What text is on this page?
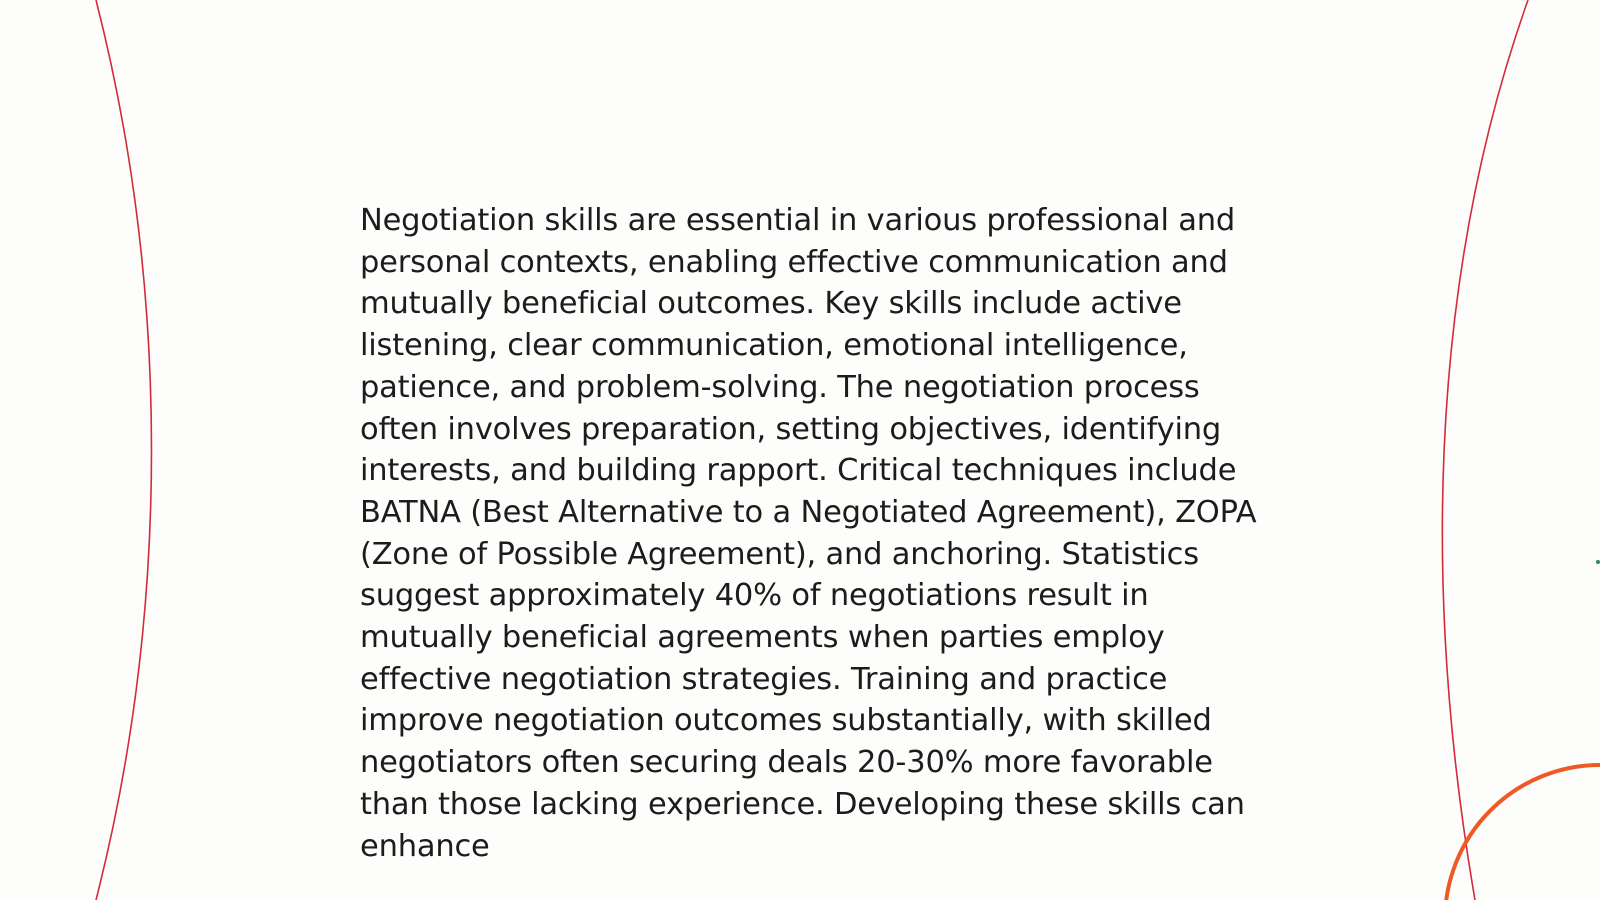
Negotiation skills are essential in various professional and personal contexts, enabling effective communication and mutually beneficial outcomes. Key skills include active listening, clear communication, emotional intelligence, patience, and problem-solving. The negotiation process often involves preparation, setting objectives, identifying interests, and building rapport. Critical techniques include BATNA (Best Alternative to a Negotiated Agreement), ZOPA (Zone of Possible Agreement), and anchoring. Statistics suggest approximately 40% of negotiations result in mutually beneficial agreements when parties employ effective negotiation strategies. Training and practice improve negotiation outcomes substantially, with skilled negotiators often securing deals 20-30% more favorable than those lacking experience. Developing these skills can enhance
